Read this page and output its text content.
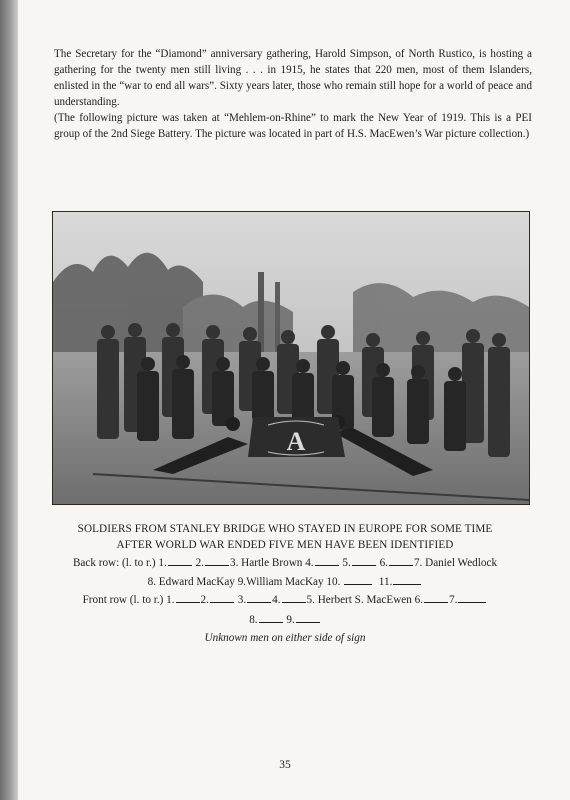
The Secretary for the “Diamond” anniversary gathering, Harold Simpson, of North Rustico, is hosting a gathering for the twenty men still living . . . in 1915, he states that 220 men, most of them Islanders, enlisted in the “war to end all wars”. Sixty years later, those who remain still hope for a world of peace and understanding.

(The following picture was taken at “Mehlem-on-Rhine” to mark the New Year of 1919. This is a PEI group of the 2nd Siege Battery. The picture was located in part of H.S. MacEwen’s War picture collection.)

A

SOLDIERS FROM STANLEY BRIDGE WHO STAYED IN EUROPE FOR SOME TIME

AFTER WORLD WAR ENDED FIVE MEN HAVE BEEN IDENTIFIED

Back row: (l. to r.) 1.	2. 3. Hartle Brown 4.	5.	6. 7. Daniel Wedlock
8. Edward MacKay 9.William MacKay 10.	11.
Front row (l. to r.) 1. 2.	3. 4. 5. Herbert S. MacEwen 6. 7.
8.	9.
Unknown men on either side of sign
35
